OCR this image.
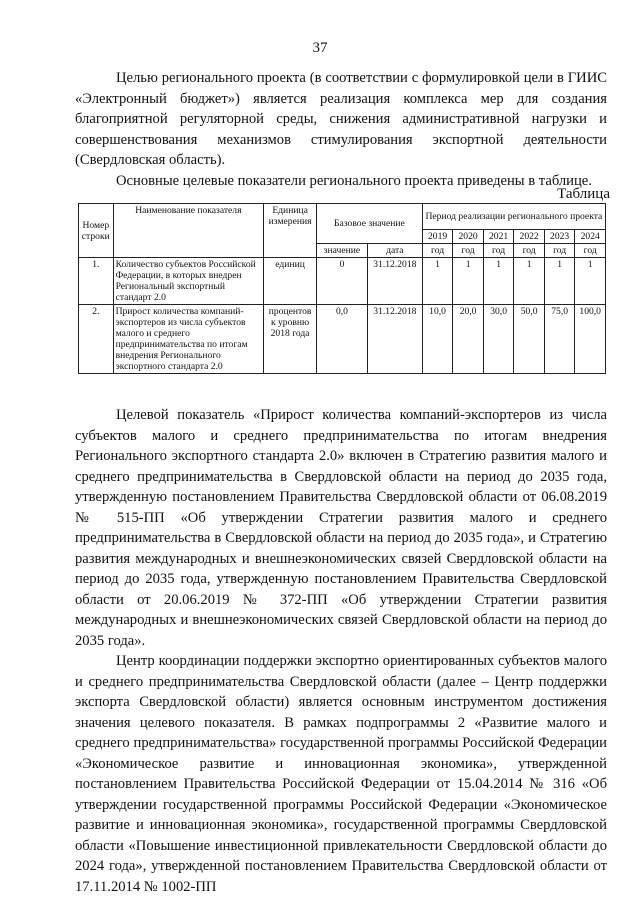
37

Целью регионального проекта (в соответствии с формулировкой цели в ГИИС «Электронный бюджет») является реализация комплекса мер для создания благоприятной регуляторной среды, снижения административной нагрузки и совершенствования механизмов стимулирования экспортной деятельности (Свердловская область).

Основные целевые показатели регионального проекта приведены в таблице.

Таблица
Номер строки	Наименование показателя	Единица измерения	Базовое значение		Период реализации регионального проекта					
					2019	2020	2021	2022	2023	2024
			значение	дата	год	год	год	год	год	год
1.	Количество субъектов Российской Федерации, в которых внедрен Региональный экспортный стандарт 2.0	единиц	0	31.12.2018	1	1	1	1	1	1
2.	Прирост количества компаний-экспортеров из числа субъектов малого и среднего предпринимательства по итогам внедрения Регионального экспортного стандарта 2.0	процентов к уровню 2018 года	0,0	31.12.2018	10,0	20,0	30,0	50,0	75,0	100,0

Целевой показатель «Прирост количества компаний-экспортеров из числа субъектов малого и среднего предпринимательства по итогам внедрения Регионального экспортного стандарта 2.0» включен в Стратегию развития малого и среднего предпринимательства в Свердловской области на период до 2035 года, утвержденную постановлением Правительства Свердловской области от 06.08.2019 № 515-ПП «Об утверждении Стратегии развития малого и среднего предпринимательства в Свердловской области на период до 2035 года», и Стратегию развития международных и внешнеэкономических связей Свердловской области на период до 2035 года, утвержденную постановлением Правительства Свердловской области от 20.06.2019 № 372-ПП «Об утверждении Стратегии развития международных и внешнеэкономических связей Свердловской области на период до 2035 года».

Центр координации поддержки экспортно ориентированных субъектов малого и среднего предпринимательства Свердловской области (далее – Центр поддержки экспорта Свердловской области) является основным инструментом достижения значения целевого показателя. В рамках подпрограммы 2 «Развитие малого и среднего предпринимательства» государственной программы Российской Федерации «Экономическое развитие и инновационная экономика», утвержденной постановлением Правительства Российской Федерации от 15.04.2014 № 316 «Об утверждении государственной программы Российской Федерации «Экономическое развитие и инновационная экономика», государственной программы Свердловской области «Повышение инвестиционной привлекательности Свердловской области до 2024 года», утвержденной постановлением Правительства Свердловской области от 17.11.2014 № 1002-ПП
